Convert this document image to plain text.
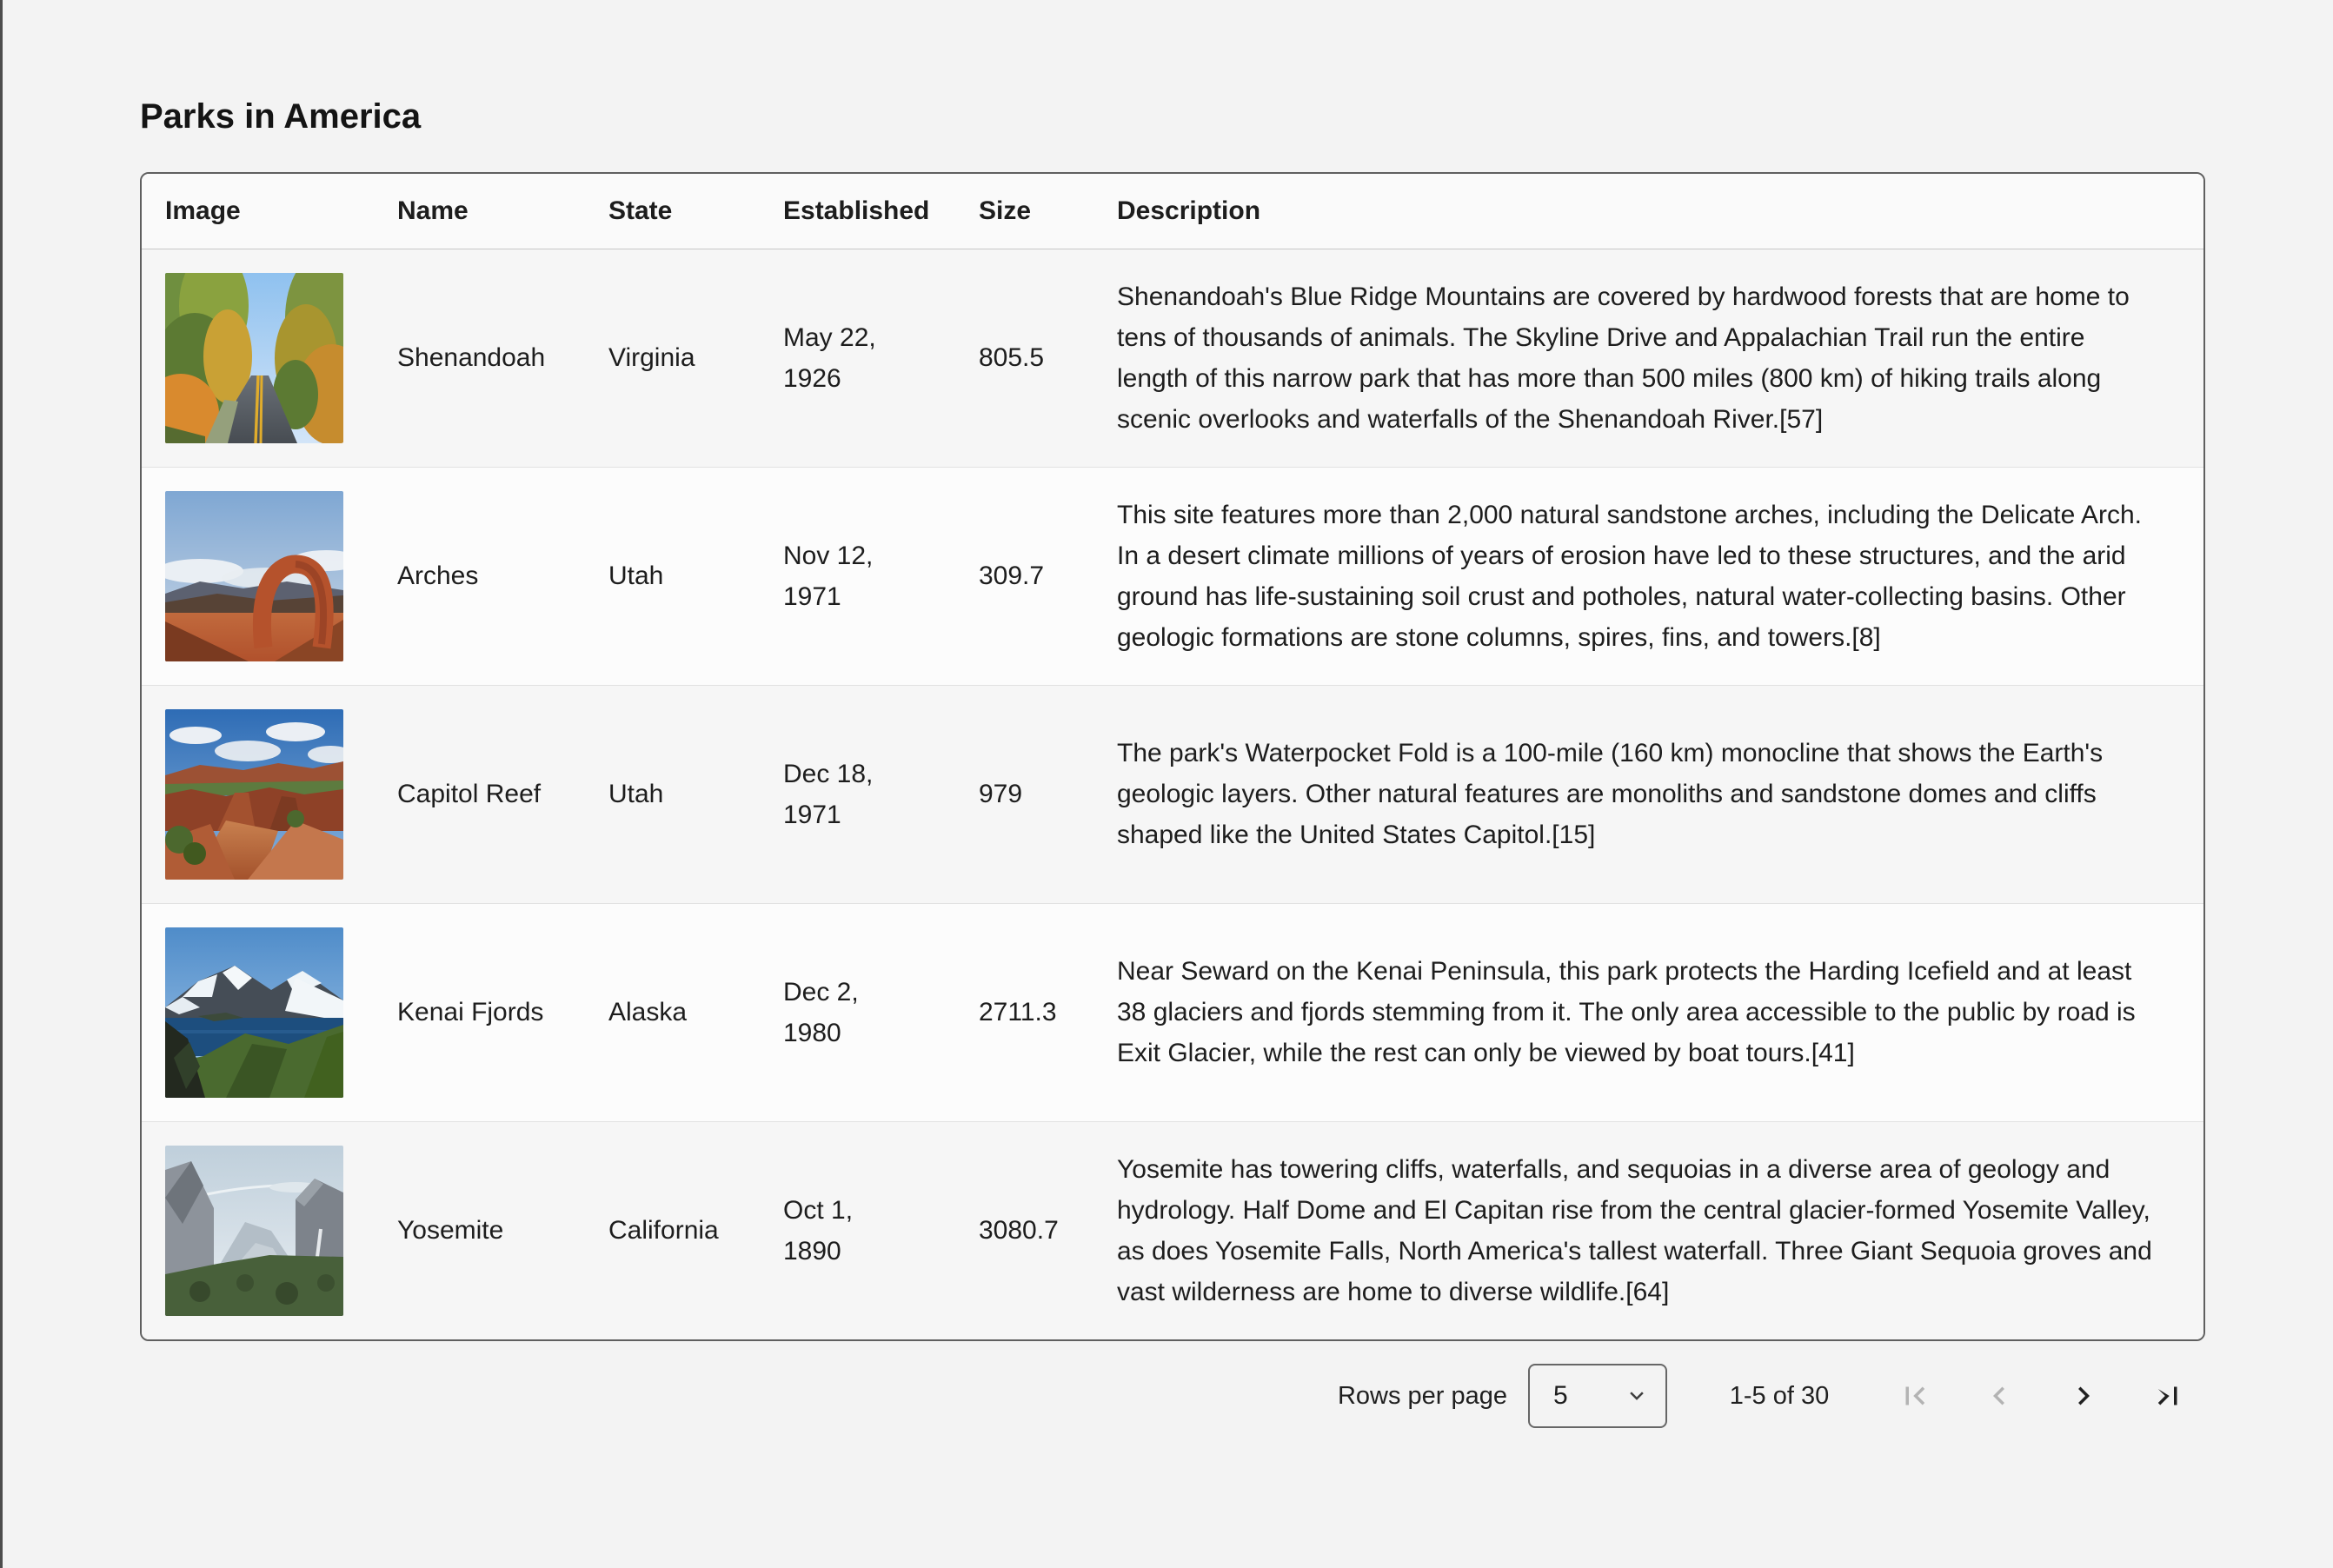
Parks in America
Image	Name	State	Established	Size	Description

	Shenandoah	Virginia	May 22, 1926	805.5	Shenandoah's Blue Ridge Mountains are covered by hardwood forests that are home to tens of thousands of animals. The Skyline Drive and Appalachian Trail run the entire length of this narrow park that has more than 500 miles (800 km) of hiking trails along scenic overlooks and waterfalls of the Shenandoah River.[57]

	Arches	Utah	Nov 12, 1971	309.7	This site features more than 2,000 natural sandstone arches, including the Delicate Arch. In a desert climate millions of years of erosion have led to these structures, and the arid ground has life-sustaining soil crust and potholes, natural water-collecting basins. Other geologic formations are stone columns, spires, fins, and towers.[8]

	Capitol Reef	Utah	Dec 18, 1971	979	The park's Waterpocket Fold is a 100-mile (160 km) monocline that shows the Earth's geologic layers. Other natural features are monoliths and sandstone domes and cliffs shaped like the United States Capitol.[15]

	Kenai Fjords	Alaska	Dec 2, 1980	2711.3	Near Seward on the Kenai Peninsula, this park protects the Harding Icefield and at least 38 glaciers and fjords stemming from it. The only area accessible to the public by road is Exit Glacier, while the rest can only be viewed by boat tours.[41]

	Yosemite	California	Oct 1, 1890	3080.7	Yosemite has towering cliffs, waterfalls, and sequoias in a diverse area of geology and hydrology. Half Dome and El Capitan rise from the central glacier-formed Yosemite Valley, as does Yosemite Falls, North America's tallest waterfall. Three Giant Sequoia groves and vast wilderness are home to diverse wildlife.[64]
Rows per page 5	1-5 of 30
